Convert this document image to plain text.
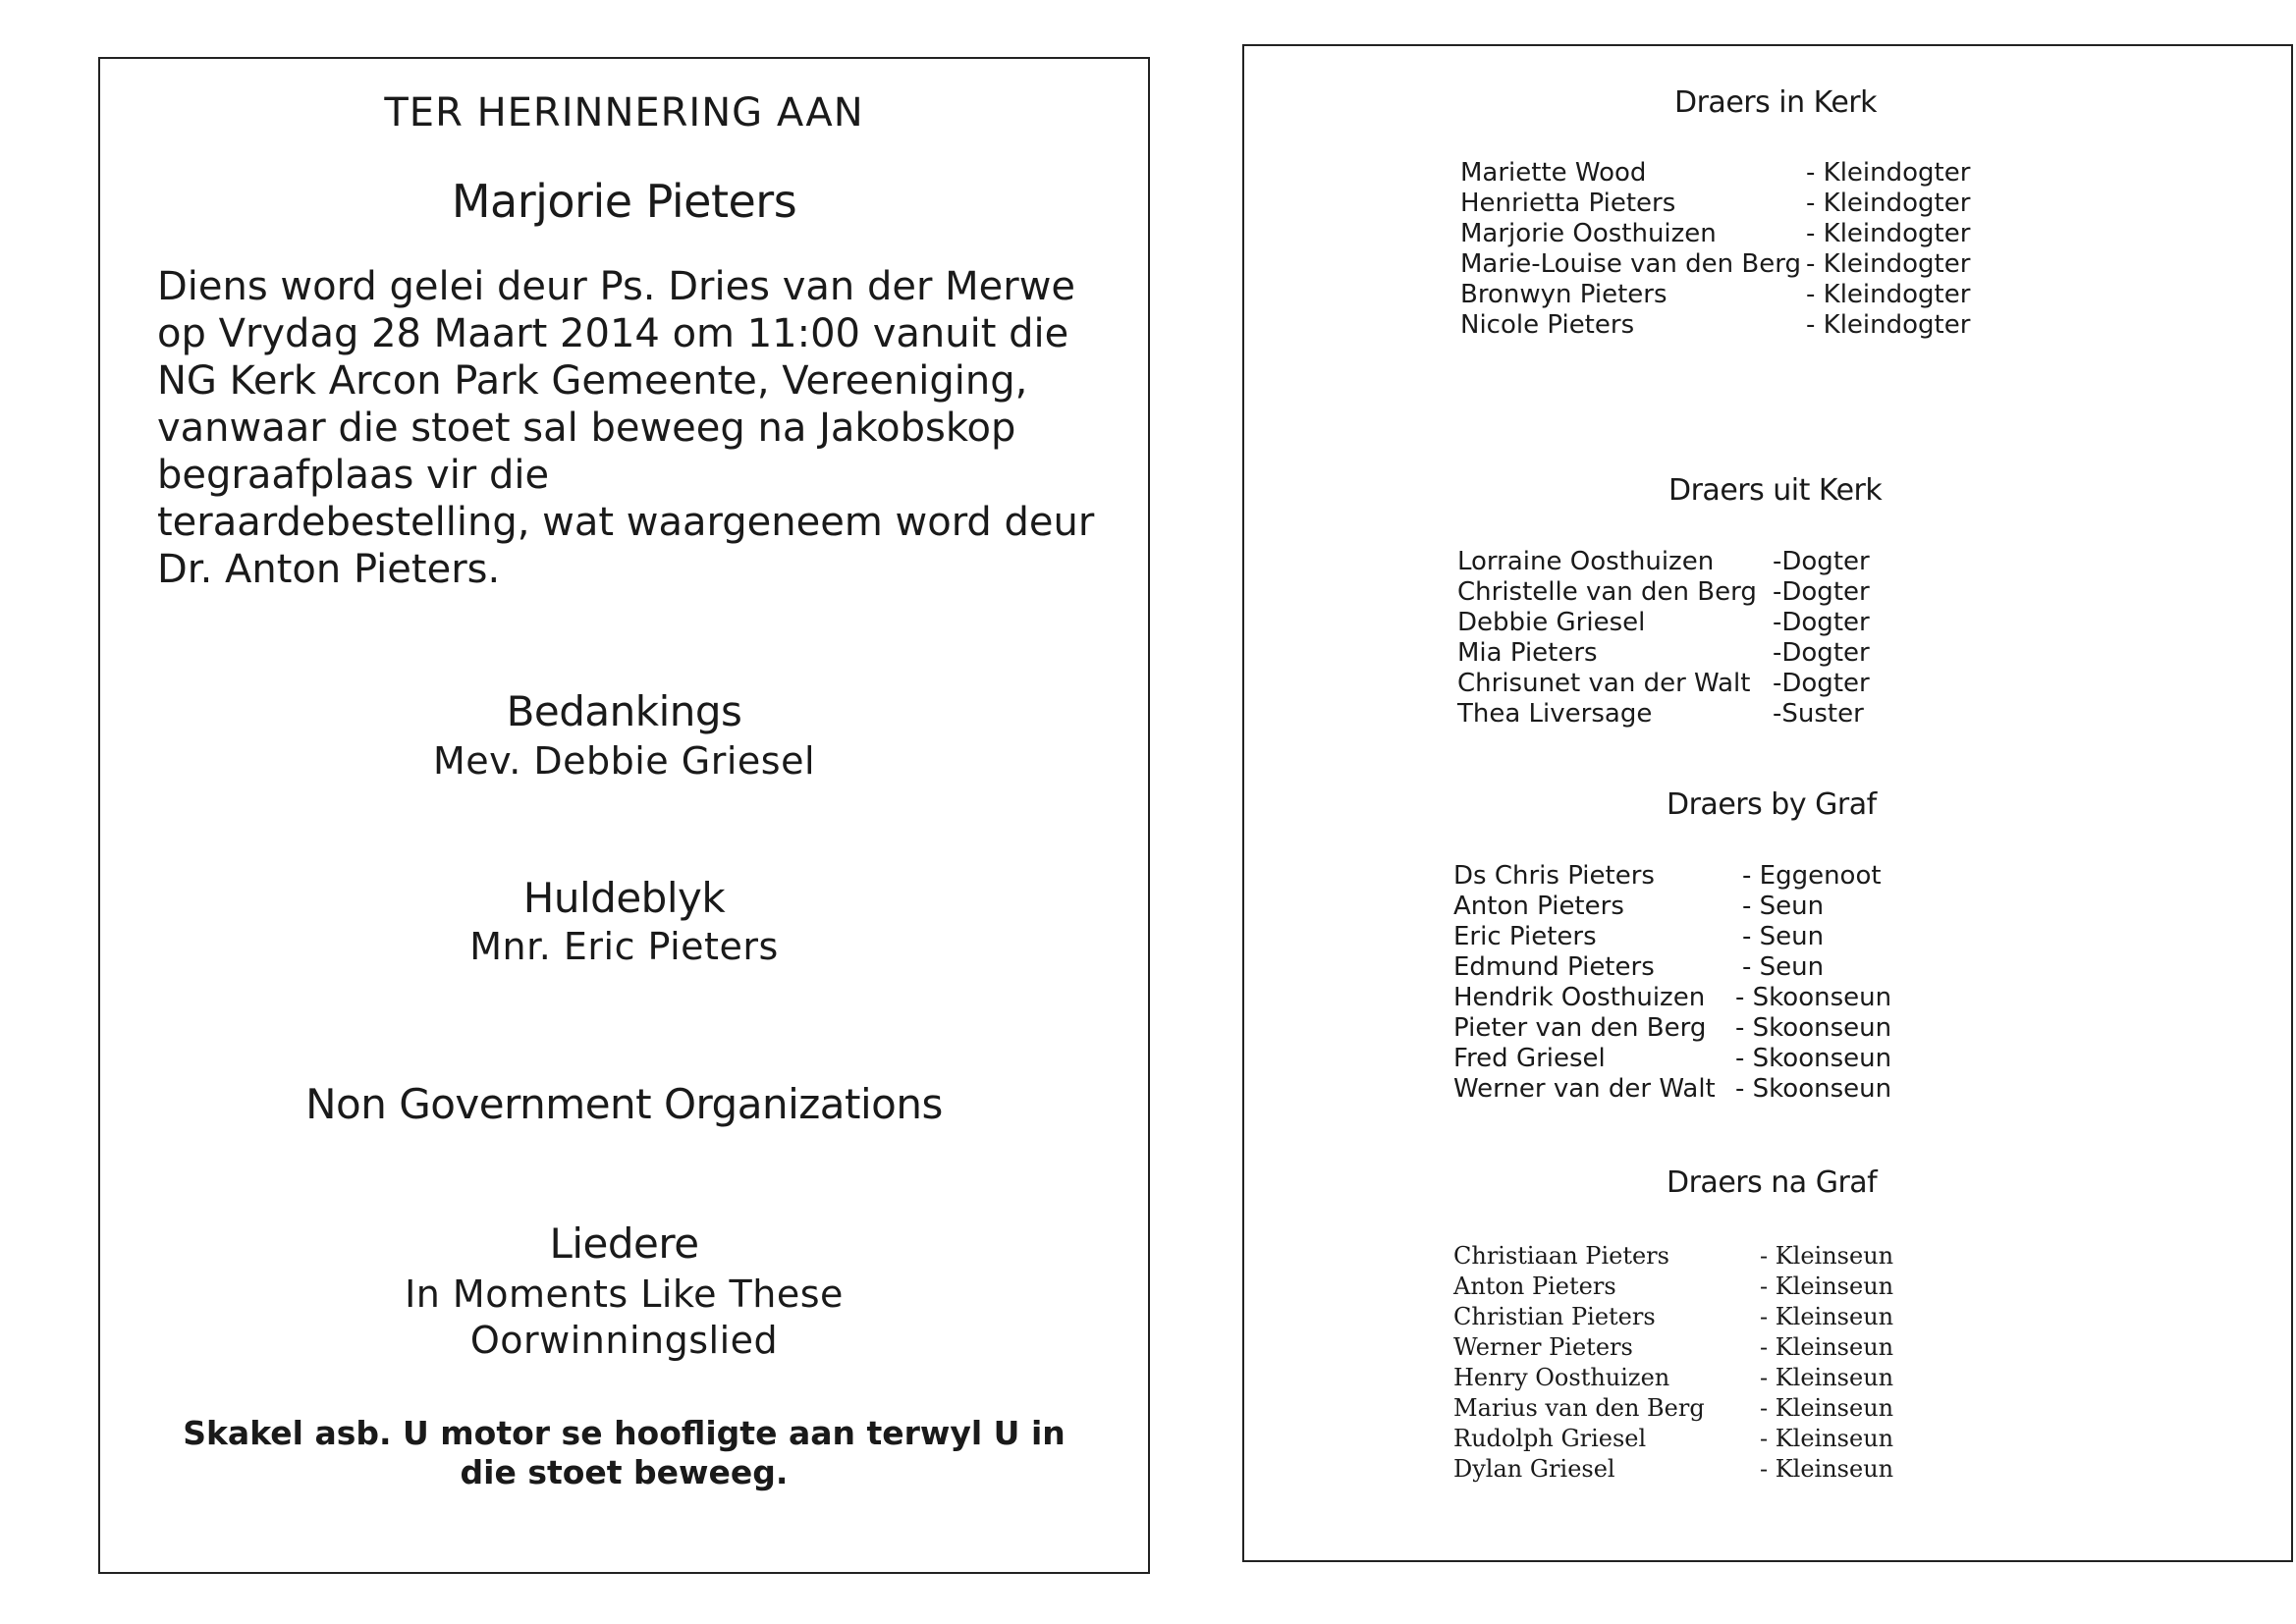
TER HERINNERING AAN
Marjorie Pieters
Diens word gelei deur Ps. Dries van der Merwe
op Vrydag 28 Maart 2014 om 11:00 vanuit die
NG Kerk Arcon Park Gemeente, Vereeniging,
vanwaar die stoet sal beweeg na Jakobskop
begraafplaas vir die
teraardebestelling, wat waargeneem word deur
Dr. Anton Pieters.
Bedankings
Mev. Debbie Griesel
Huldeblyk
Mnr. Eric Pieters
Non Government Organizations
Liedere
In Moments Like These
Oorwinningslied
Skakel asb. U motor se hoofligte aan terwyl U in
die stoet beweeg.
Draers in Kerk
Mariette Wood	- Kleindogter
Henrietta Pieters	- Kleindogter
Marjorie Oosthuizen	- Kleindogter
Marie-Louise van den Berg - Kleindogter
Bronwyn Pieters	- Kleindogter
Nicole Pieters	- Kleindogter
Draers uit Kerk
Lorraine Oosthuizen -Dogter
Christelle van den Berg -Dogter
Debbie Griesel	-Dogter
Mia Pieters	-Dogter
Chrisunet van der Walt -Dogter
Thea Liversage	-Suster
Draers by Graf
Ds Chris Pieters	- Eggenoot
Anton Pieters	- Seun
Eric Pieters	- Seun
Edmund Pieters	- Seun
Hendrik Oosthuizen - Skoonseun
Pieter van den Berg - Skoonseun
Fred Griesel	- Skoonseun
Werner van der Walt - Skoonseun
Draers na Graf
Christiaan Pieters	- Kleinseun
Anton Pieters	- Kleinseun
Christian Pieters	- Kleinseun
Werner Pieters	- Kleinseun
Henry Oosthuizen	- Kleinseun
Marius van den Berg - Kleinseun
Rudolph Griesel	- Kleinseun
Dylan Griesel	- Kleinseun
